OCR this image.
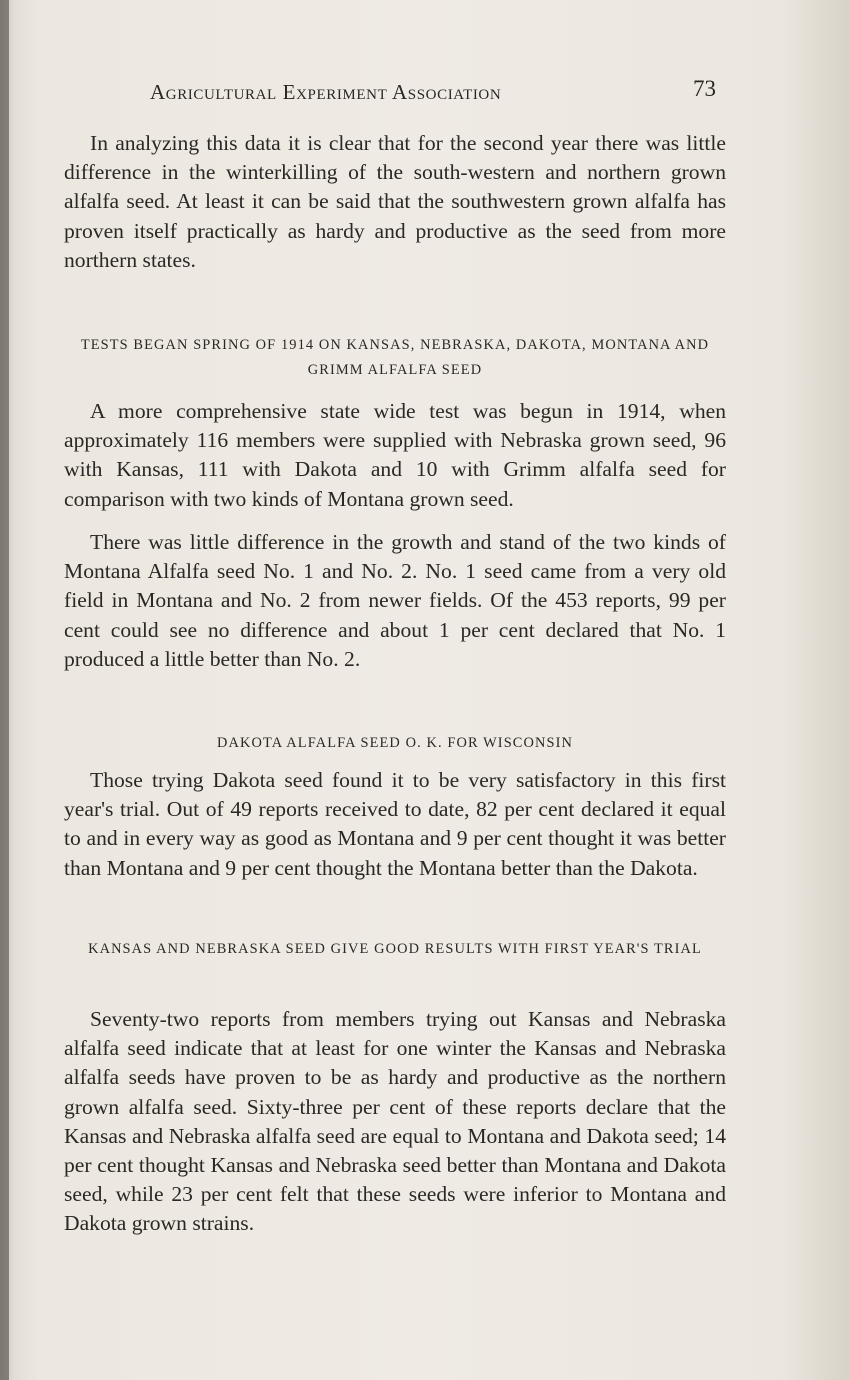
Agricultural Experiment Association	73

In analyzing this data it is clear that for the second year there was little difference in the winterkilling of the south-western and northern grown alfalfa seed. At least it can be said that the southwestern grown alfalfa has proven itself practically as hardy and productive as the seed from more northern states.

TESTS BEGAN SPRING OF 1914 ON KANSAS, NEBRASKA, DAKOTA, MONTANA AND GRIMM ALFALFA SEED

A more comprehensive state wide test was begun in 1914, when approximately 116 members were supplied with Nebraska grown seed, 96 with Kansas, 111 with Dakota and 10 with Grimm alfalfa seed for comparison with two kinds of Montana grown seed.

There was little difference in the growth and stand of the two kinds of Montana Alfalfa seed No. 1 and No. 2. No. 1 seed came from a very old field in Montana and No. 2 from newer fields. Of the 453 reports, 99 per cent could see no difference and about 1 per cent declared that No. 1 produced a little better than No. 2.

DAKOTA ALFALFA SEED O. K. FOR WISCONSIN

Those trying Dakota seed found it to be very satisfactory in this first year's trial. Out of 49 reports received to date, 82 per cent declared it equal to and in every way as good as Montana and 9 per cent thought it was better than Montana and 9 per cent thought the Montana better than the Dakota.

KANSAS AND NEBRASKA SEED GIVE GOOD RESULTS WITH FIRST YEAR'S TRIAL

Seventy-two reports from members trying out Kansas and Nebraska alfalfa seed indicate that at least for one winter the Kansas and Nebraska alfalfa seeds have proven to be as hardy and productive as the northern grown alfalfa seed. Sixty-three per cent of these reports declare that the Kansas and Nebraska alfalfa seed are equal to Montana and Dakota seed; 14 per cent thought Kansas and Nebraska seed better than Montana and Dakota seed, while 23 per cent felt that these seeds were inferior to Montana and Dakota grown strains.
